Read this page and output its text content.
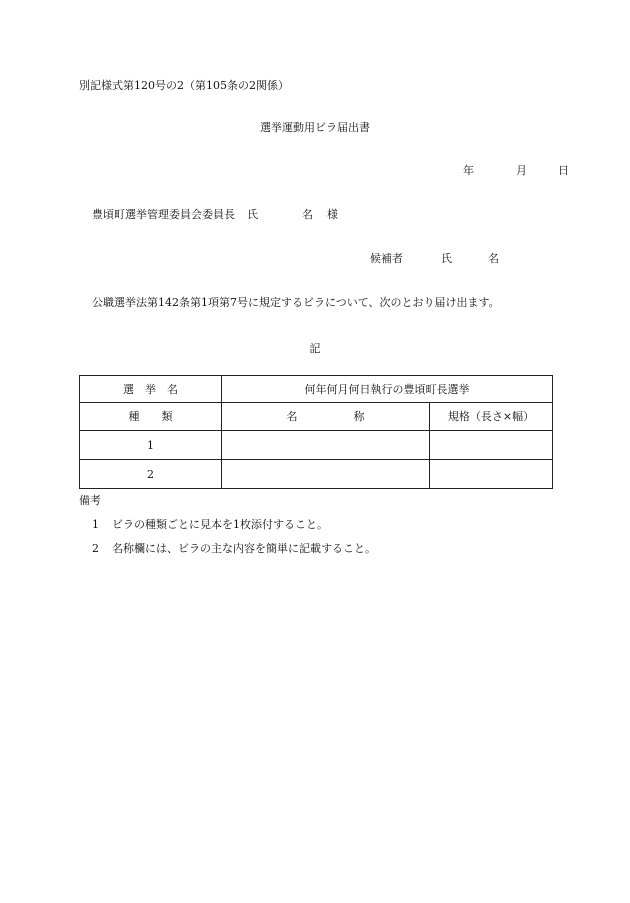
別記様式第120号の2（第105条の2関係）
選挙運動用ビラ届出書
年	月	日
豊頃町選挙管理委員会委員長 氏	名 様
候補者	氏	名
公職選挙法第142条第1項第7号に規定するビラについて、次のとおり届け出ます。
記
選　挙　名	何年何月何日執行の豊頃町長選挙	
種　　類	名 称	規格（長さ×幅）
1		
2		
備考
1 ビラの種類ごとに見本を1枚添付すること。
2 名称欄には、ビラの主な内容を簡単に記載すること。
